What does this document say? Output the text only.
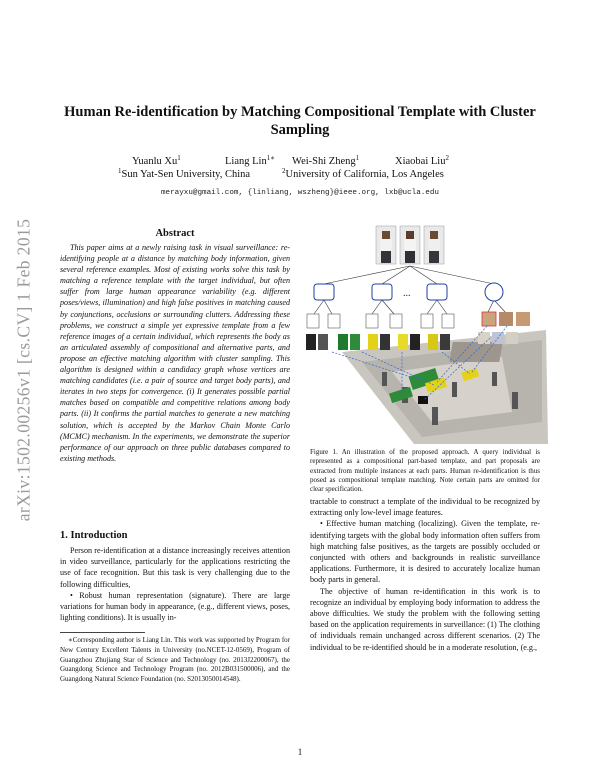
arXiv:1502.00256v1 [cs.CV] 1 Feb 2015
Human Re-identification by Matching Compositional Template with Cluster Sampling
Yuanlu Xu$^1$	Liang Lin$^{1∗}$ Wei-Shi Zheng$^1$	Xiaobai Liu$^2$
$^1$Sun Yat-Sen University, China	$^2$University of California, Los Angeles
merayxu@gmail.com, {linliang, wszheng}@ieee.org, lxb@ucla.edu
Abstract

This paper aims at a newly raising task in visual surveillance: re-identifying people at a distance by matching body information, given several reference examples. Most of existing works solve this task by matching a reference template with the target individual, but often suffer from large human appearance variability (e.g. different poses/views, illumination) and high false positives in matching caused by conjunctions, occlusions or surrounding clutters. Addressing these problems, we construct a simple yet expressive template from a few reference images of a certain individual, which represents the body as an articulated assembly of compositional and alternative parts, and propose an effective matching algorithm with cluster sampling. This algorithm is designed within a candidacy graph whose vertices are matching candidates (i.e. a pair of source and target body parts), and iterates in two steps for convergence. (i) It generates possible partial matches based on compatible and competitive relations among body parts. (ii) It confirms the partial matches to generate a new matching solution, which is accepted by the Markov Chain Monte Carlo (MCMC) mechanism. In the experiments, we demonstrate the superior performance of our approach on three public databases compared to existing methods.

1. Introduction

Person re-identification at a distance increasingly receives attention in video surveillance, particularly for the applications restricting the use of face recognition. But this task is very challenging due to the following difficulties,

• Robust human representation (signature). There are large variations for human body in appearance, (e.g., different views, poses, lighting conditions). It is usually in-

∗Corresponding author is Liang Lin. This work was supported by Program for New Century Excellent Talents in University (no.NCET-12-0569), Program of Guangzhou Zhujiang Star of Science and Technology (no. 2013J2200067), the Guangdong Science and Technology Program (no. 2012B031500006), and the Guangdong Natural Science Foundation (no. S2013050014548).

...
Figure 1. An illustration of the proposed approach. A query individual is represented as a compositional part-based template, and part proposals are extracted from multiple instances at each parts. Human re-identification is thus posed as compositional template matching. Note certain parts are omitted for clear specification.

tractable to construct a template of the individual to be recognized by extracting only low-level image features.

• Effective human matching (localizing). Given the template, re-identifying targets with the global body information often suffers from high matching false positives, as the targets are possibly occluded or conjuncted with others and backgrounds in realistic surveillance applications. Furthermore, it is desired to accurately localize human body parts in general.

The objective of human re-identification in this work is to recognize an individual by employing body information to address the above difficulties. We study the problem with the following setting based on the application requirements in surveillance: (1) The clothing of individuals remain unchanged across different scenarios. (2) The individual to be re-identified should be in a moderate resolution, (e.g.,

1
